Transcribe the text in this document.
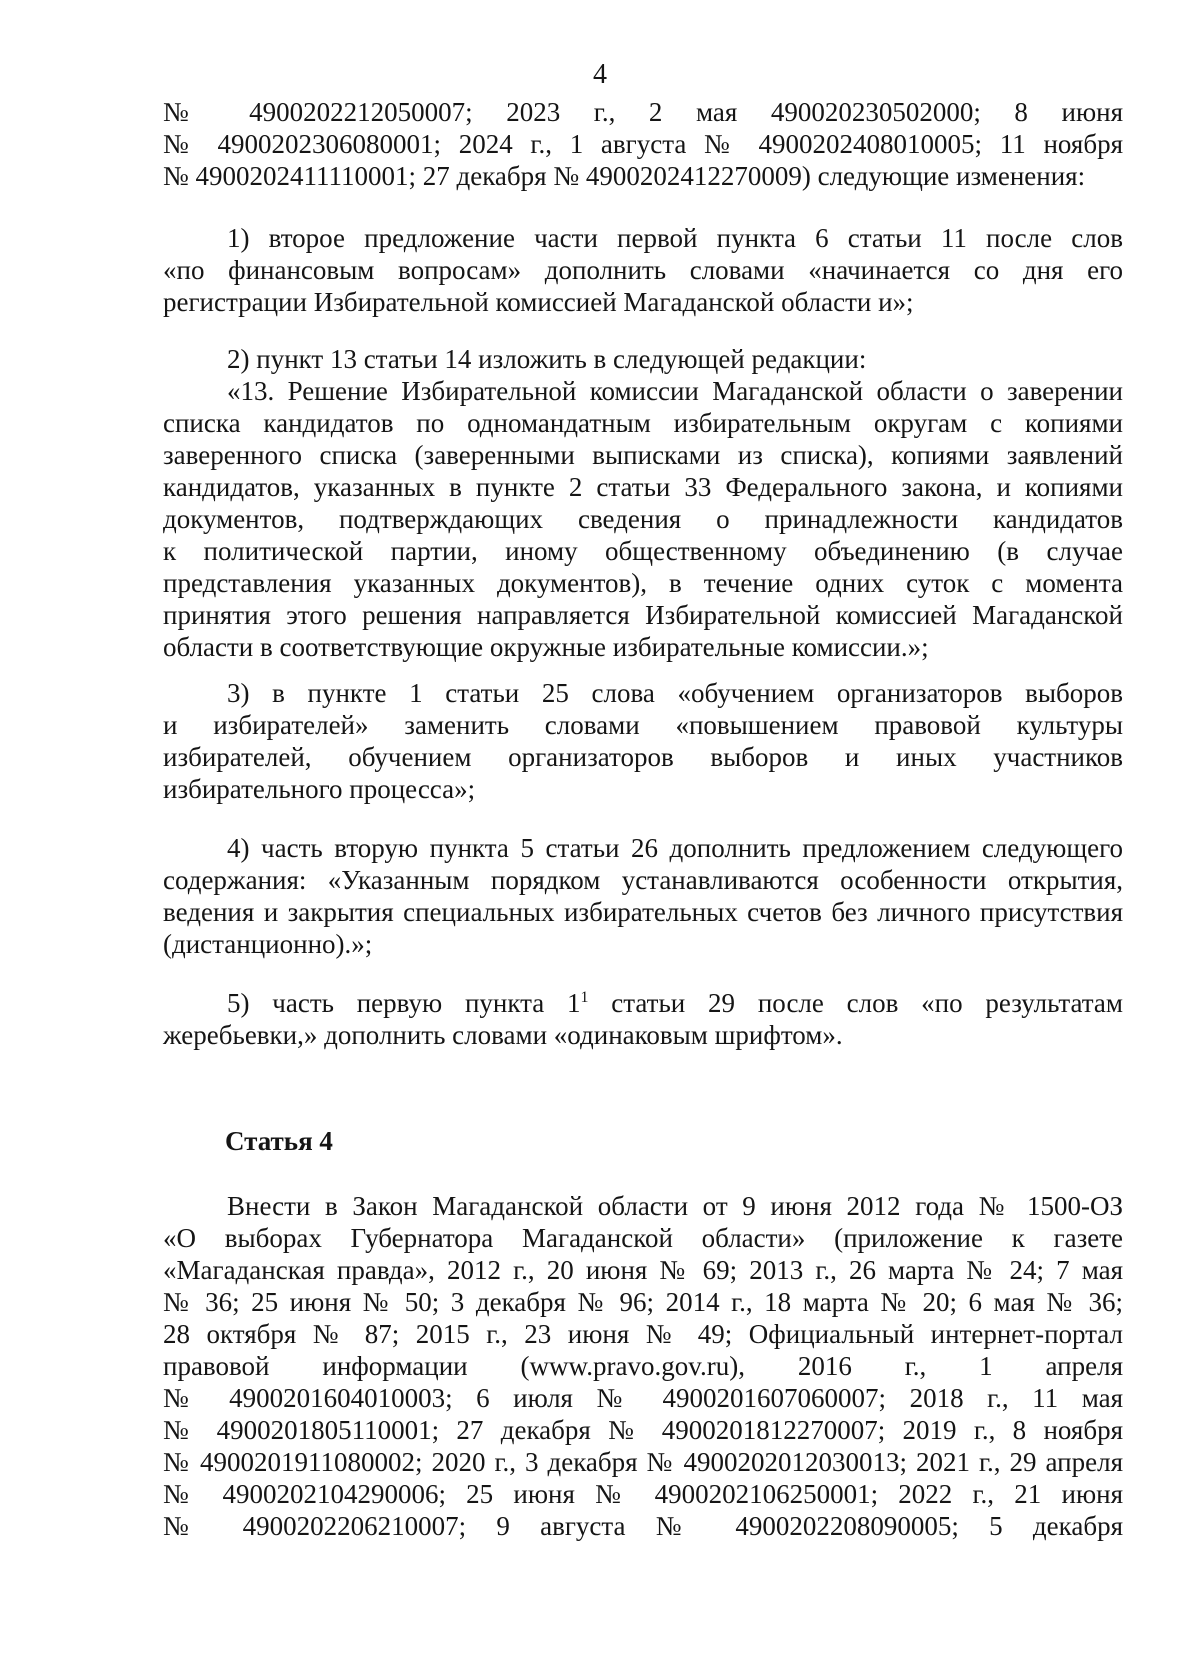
4
№ 4900202212050007; 2023 г., 2 мая 490020230502000; 8 июня
№ 4900202306080001; 2024 г., 1 августа № 4900202408010005; 11 ноября
№ 4900202411110001; 27 декабря № 4900202412270009) следующие изменения:
1) второе предложение части первой пункта 6 статьи 11 после слов
«по финансовым вопросам» дополнить словами «начинается со дня его
регистрации Избирательной комиссией Магаданской области и»;
2) пункт 13 статьи 14 изложить в следующей редакции:
«13. Решение Избирательной комиссии Магаданской области о заверении
списка кандидатов по одномандатным избирательным округам с копиями
заверенного списка (заверенными выписками из списка), копиями заявлений
кандидатов, указанных в пункте 2 статьи 33 Федерального закона, и копиями
документов, подтверждающих сведения о принадлежности кандидатов
к политической партии, иному общественному объединению (в случае
представления указанных документов), в течение одних суток с момента
принятия этого решения направляется Избирательной комиссией Магаданской
области в соответствующие окружные избирательные комиссии.»;
3) в пункте 1 статьи 25 слова «обучением организаторов выборов
и избирателей» заменить словами «повышением правовой культуры
избирателей, обучением организаторов выборов и иных участников
избирательного процесса»;
4) часть вторую пункта 5 статьи 26 дополнить предложением следующего
содержания: «Указанным порядком устанавливаются особенности открытия,
ведения и закрытия специальных избирательных счетов без личного присутствия
(дистанционно).»;
5) часть первую пункта $1^1$ статьи 29 после слов «по результатам
жеребьевки,» дополнить словами «одинаковым шрифтом».
Статья 4
Внести в Закон Магаданской области от 9 июня 2012 года № 1500-ОЗ
«О выборах Губернатора Магаданской области» (приложение к газете
«Магаданская правда», 2012 г., 20 июня № 69; 2013 г., 26 марта № 24; 7 мая
№ 36; 25 июня № 50; 3 декабря № 96; 2014 г., 18 марта № 20; 6 мая № 36;
28 октября № 87; 2015 г., 23 июня № 49; Официальный интернет-портал
правовой информации (www.pravo.gov.ru), 2016 г., 1 апреля
№ 4900201604010003; 6 июля № 4900201607060007; 2018 г., 11 мая
№ 4900201805110001; 27 декабря № 4900201812270007; 2019 г., 8 ноября
№ 4900201911080002; 2020 г., 3 декабря № 4900202012030013; 2021 г., 29 апреля
№ 4900202104290006; 25 июня № 4900202106250001; 2022 г., 21 июня
№ 4900202206210007; 9 августа № 4900202208090005; 5 декабря
